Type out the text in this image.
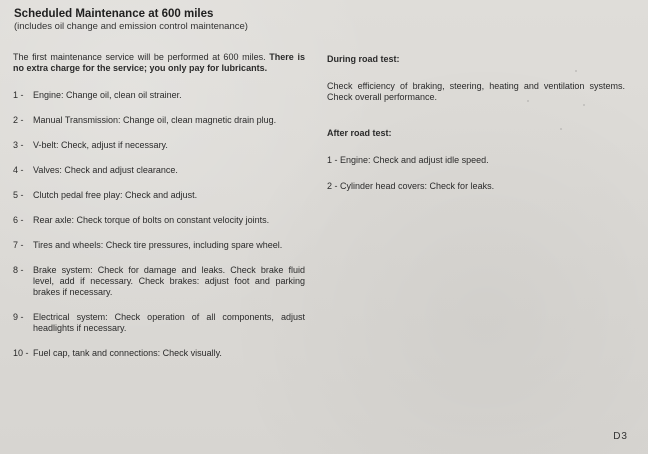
Scheduled Maintenance at 600 miles
(includes oil change and emission control maintenance)

The first maintenance service will be performed at 600 miles. There is no extra charge for the service; you only pay for lubricants.

1 -	Engine: Change oil, clean oil strainer.
2 -	Manual Transmission: Change oil, clean magnetic drain plug.
3 -	V-belt: Check, adjust if necessary.
4 -	Valves: Check and adjust clearance.
5 -	Clutch pedal free play: Check and adjust.
6 -	Rear axle: Check torque of bolts on constant velocity joints.
7 -	Tires and wheels: Check tire pressures, including spare wheel.
8 -	Brake system: Check for damage and leaks. Check brake fluid level, add if necessary. Check brakes: adjust foot and parking brakes if necessary.
9 -	Electrical system: Check operation of all components, adjust headlights if necessary.
10 - Fuel cap, tank and connections: Check visually.
During road test:
Check efficiency of braking, steering, heating and ventilation systems. Check overall performance.
After road test:
1 - Engine: Check and adjust idle speed.
2 - Cylinder head covers: Check for leaks.
D3
